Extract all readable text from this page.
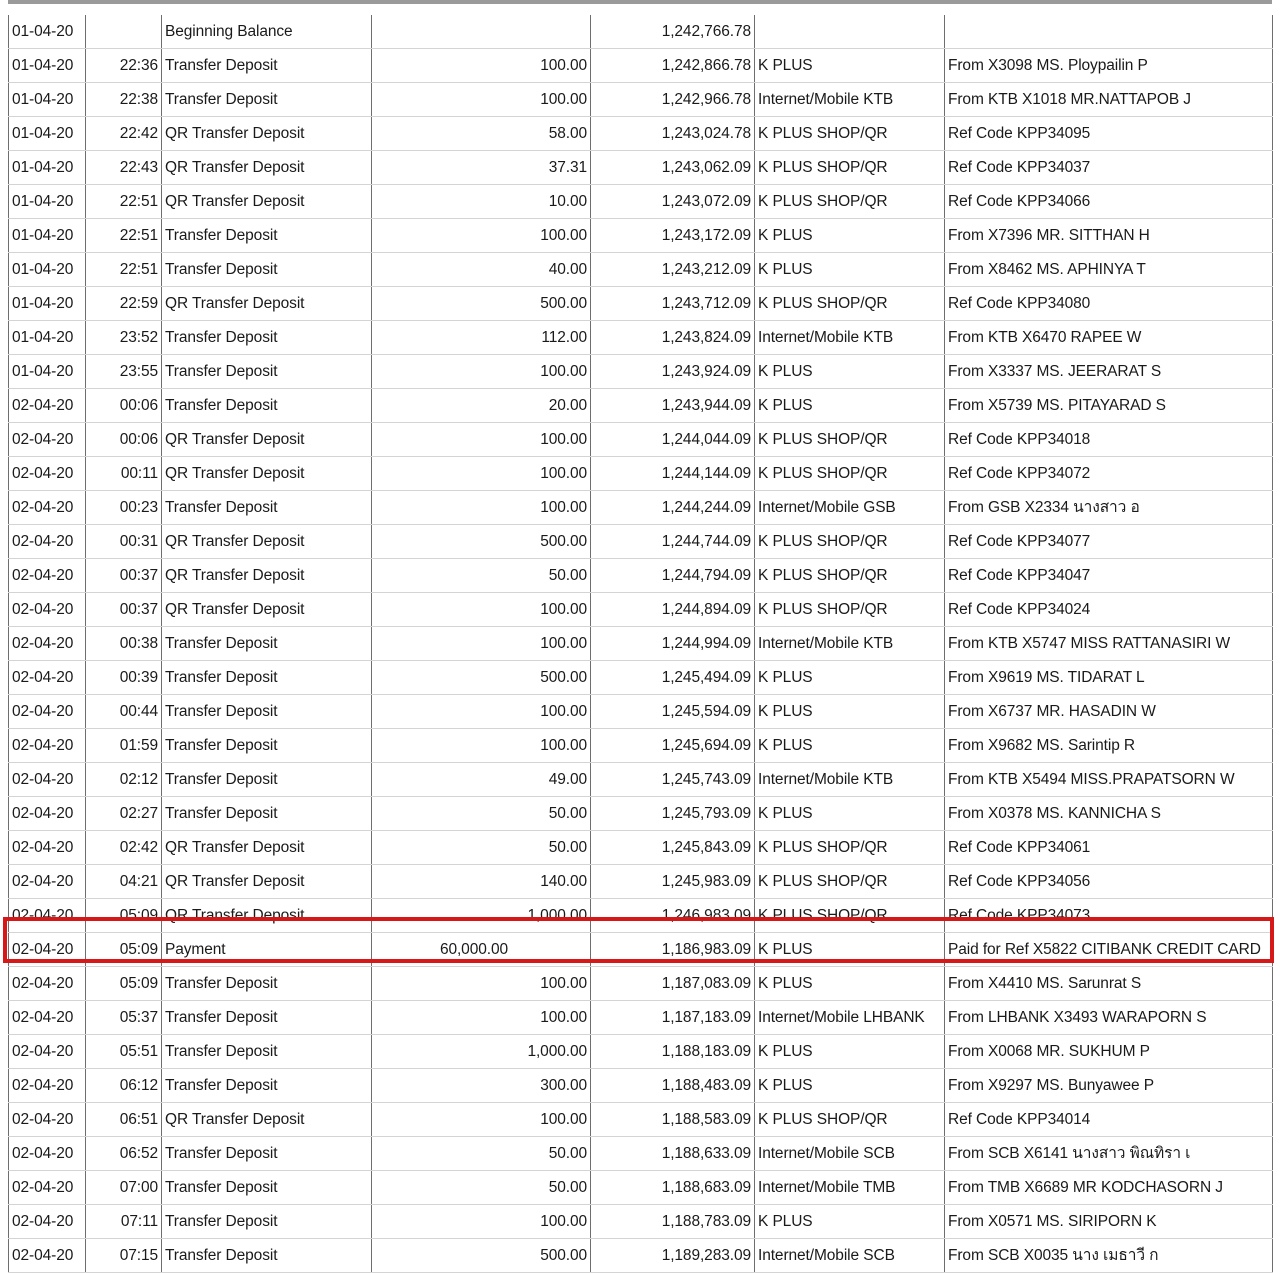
01-04-20		Beginning Balance		1,242,766.78		
01-04-20	22:36	Transfer Deposit	100.00	1,242,866.78	K PLUS	From X3098 MS. Ploypailin P
01-04-20	22:38	Transfer Deposit	100.00	1,242,966.78	Internet/Mobile KTB	From KTB X1018 MR.NATTAPOB J
01-04-20	22:42	QR Transfer Deposit	58.00	1,243,024.78	K PLUS SHOP/QR	Ref Code KPP34095
01-04-20	22:43	QR Transfer Deposit	37.31	1,243,062.09	K PLUS SHOP/QR	Ref Code KPP34037
01-04-20	22:51	QR Transfer Deposit	10.00	1,243,072.09	K PLUS SHOP/QR	Ref Code KPP34066
01-04-20	22:51	Transfer Deposit	100.00	1,243,172.09	K PLUS	From X7396 MR. SITTHAN H
01-04-20	22:51	Transfer Deposit	40.00	1,243,212.09	K PLUS	From X8462 MS. APHINYA T
01-04-20	22:59	QR Transfer Deposit	500.00	1,243,712.09	K PLUS SHOP/QR	Ref Code KPP34080
01-04-20	23:52	Transfer Deposit	112.00	1,243,824.09	Internet/Mobile KTB	From KTB X6470 RAPEE W
01-04-20	23:55	Transfer Deposit	100.00	1,243,924.09	K PLUS	From X3337 MS. JEERARAT S
02-04-20	00:06	Transfer Deposit	20.00	1,243,944.09	K PLUS	From X5739 MS. PITAYARAD S
02-04-20	00:06	QR Transfer Deposit	100.00	1,244,044.09	K PLUS SHOP/QR	Ref Code KPP34018
02-04-20	00:11	QR Transfer Deposit	100.00	1,244,144.09	K PLUS SHOP/QR	Ref Code KPP34072
02-04-20	00:23	Transfer Deposit	100.00	1,244,244.09	Internet/Mobile GSB	From GSB X2334 นางสาว อ
02-04-20	00:31	QR Transfer Deposit	500.00	1,244,744.09	K PLUS SHOP/QR	Ref Code KPP34077
02-04-20	00:37	QR Transfer Deposit	50.00	1,244,794.09	K PLUS SHOP/QR	Ref Code KPP34047
02-04-20	00:37	QR Transfer Deposit	100.00	1,244,894.09	K PLUS SHOP/QR	Ref Code KPP34024
02-04-20	00:38	Transfer Deposit	100.00	1,244,994.09	Internet/Mobile KTB	From KTB X5747 MISS RATTANASIRI W
02-04-20	00:39	Transfer Deposit	500.00	1,245,494.09	K PLUS	From X9619 MS. TIDARAT L
02-04-20	00:44	Transfer Deposit	100.00	1,245,594.09	K PLUS	From X6737 MR. HASADIN W
02-04-20	01:59	Transfer Deposit	100.00	1,245,694.09	K PLUS	From X9682 MS. Sarintip R
02-04-20	02:12	Transfer Deposit	49.00	1,245,743.09	Internet/Mobile KTB	From KTB X5494 MISS.PRAPATSORN W
02-04-20	02:27	Transfer Deposit	50.00	1,245,793.09	K PLUS	From X0378 MS. KANNICHA S
02-04-20	02:42	QR Transfer Deposit	50.00	1,245,843.09	K PLUS SHOP/QR	Ref Code KPP34061
02-04-20	04:21	QR Transfer Deposit	140.00	1,245,983.09	K PLUS SHOP/QR	Ref Code KPP34056
02-04-20	05:09	QR Transfer Deposit	1,000.00	1,246,983.09	K PLUS SHOP/QR	Ref Code KPP34073
02-04-20	05:09	Payment	60,000.00	1,186,983.09	K PLUS	Paid for Ref X5822 CITIBANK CREDIT CARD
02-04-20	05:09	Transfer Deposit	100.00	1,187,083.09	K PLUS	From X4410 MS. Sarunrat S
02-04-20	05:37	Transfer Deposit	100.00	1,187,183.09	Internet/Mobile LHBANK	From LHBANK X3493 WARAPORN S
02-04-20	05:51	Transfer Deposit	1,000.00	1,188,183.09	K PLUS	From X0068 MR. SUKHUM P
02-04-20	06:12	Transfer Deposit	300.00	1,188,483.09	K PLUS	From X9297 MS. Bunyawee P
02-04-20	06:51	QR Transfer Deposit	100.00	1,188,583.09	K PLUS SHOP/QR	Ref Code KPP34014
02-04-20	06:52	Transfer Deposit	50.00	1,188,633.09	Internet/Mobile SCB	From SCB X6141 นางสาว พิณทิรา เ
02-04-20	07:00	Transfer Deposit	50.00	1,188,683.09	Internet/Mobile TMB	From TMB X6689 MR KODCHASORN J
02-04-20	07:11	Transfer Deposit	100.00	1,188,783.09	K PLUS	From X0571 MS. SIRIPORN K
02-04-20	07:15	Transfer Deposit	500.00	1,189,283.09	Internet/Mobile SCB	From SCB X0035 นาง เมธาวี ก
